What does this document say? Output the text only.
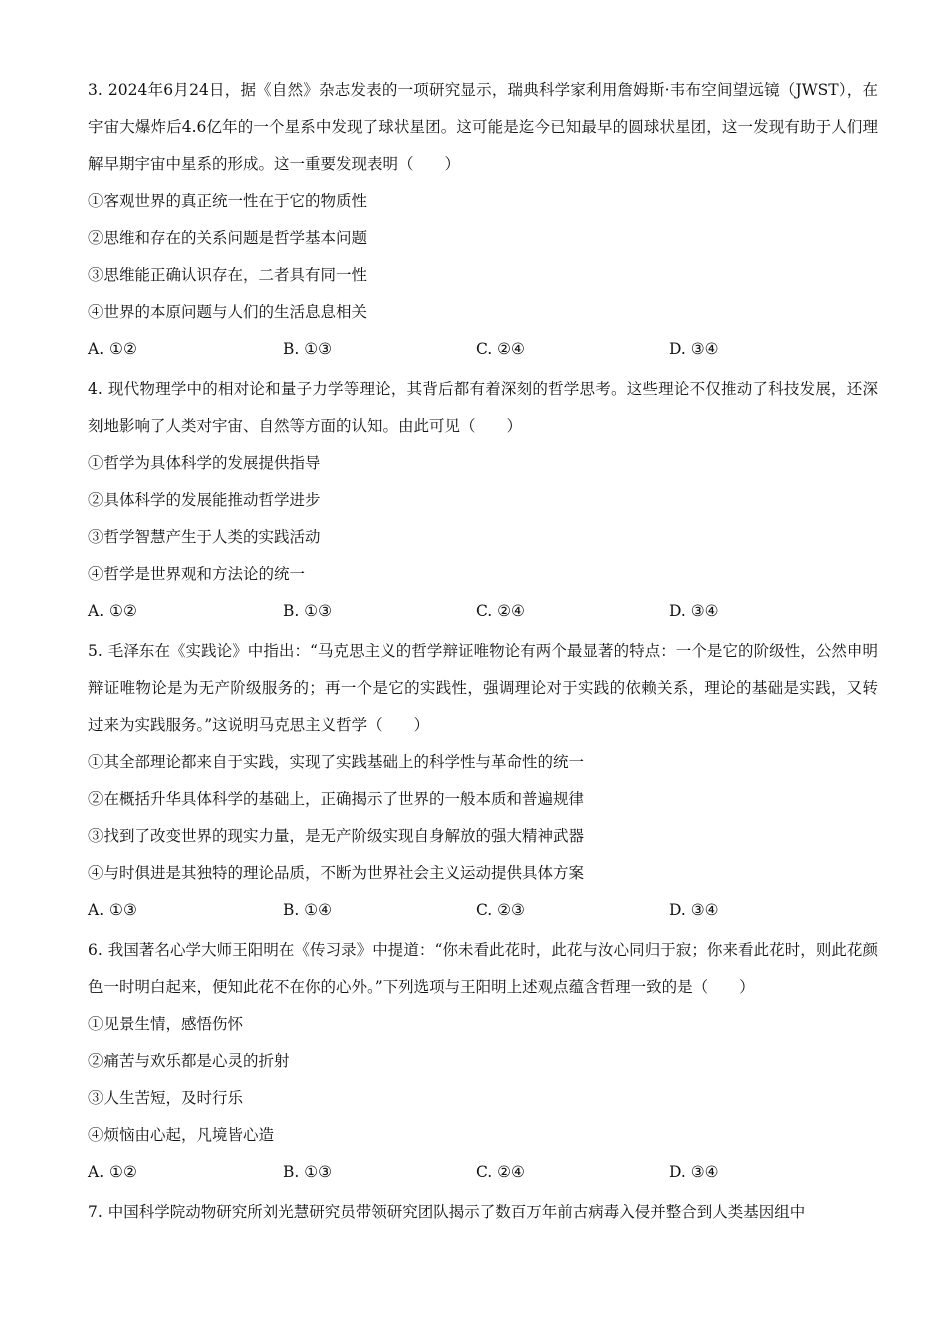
3. 2024年6月24日，据《自然》杂志发表的一项研究显示，瑞典科学家利用詹姆斯·韦布空间望远镜（JWST），在宇宙大爆炸后4.6亿年的一个星系中发现了球状星团。这可能是迄今已知最早的圆球状星团，这一发现有助于人们理解早期宇宙中星系的形成。这一重要发现表明（　　）

①客观世界的真正统一性在于它的物质性

②思维和存在的关系问题是哲学基本问题

③思维能正确认识存在，二者具有同一性

④世界的本原问题与人们的生活息息相关

A. ①②	B. ①③	C. ②④	D. ③④

4. 现代物理学中的相对论和量子力学等理论，其背后都有着深刻的哲学思考。这些理论不仅推动了科技发展，还深刻地影响了人类对宇宙、自然等方面的认知。由此可见（　　）

①哲学为具体科学的发展提供指导

②具体科学的发展能推动哲学进步

③哲学智慧产生于人类的实践活动

④哲学是世界观和方法论的统一

A. ①②	B. ①③	C. ②④	D. ③④

5. 毛泽东在《实践论》中指出：“马克思主义的哲学辩证唯物论有两个最显著的特点：一个是它的阶级性，公然申明辩证唯物论是为无产阶级服务的；再一个是它的实践性，强调理论对于实践的依赖关系，理论的基础是实践，又转过来为实践服务。”这说明马克思主义哲学（　　）

①其全部理论都来自于实践，实现了实践基础上的科学性与革命性的统一

②在概括升华具体科学的基础上，正确揭示了世界的一般本质和普遍规律

③找到了改变世界的现实力量，是无产阶级实现自身解放的强大精神武器

④与时俱进是其独特的理论品质，不断为世界社会主义运动提供具体方案

A. ①③	B. ①④	C. ②③	D. ③④

6. 我国著名心学大师王阳明在《传习录》中提道：“你未看此花时，此花与汝心同归于寂；你来看此花时，则此花颜色一时明白起来，便知此花不在你的心外。”下列选项与王阳明上述观点蕴含哲理一致的是（　　）

①见景生情，感悟伤怀

②痛苦与欢乐都是心灵的折射

③人生苦短，及时行乐

④烦恼由心起，凡境皆心造

A. ①②	B. ①③	C. ②④	D. ③④

7. 中国科学院动物研究所刘光慧研究员带领研究团队揭示了数百万年前古病毒入侵并整合到人类基因组中
